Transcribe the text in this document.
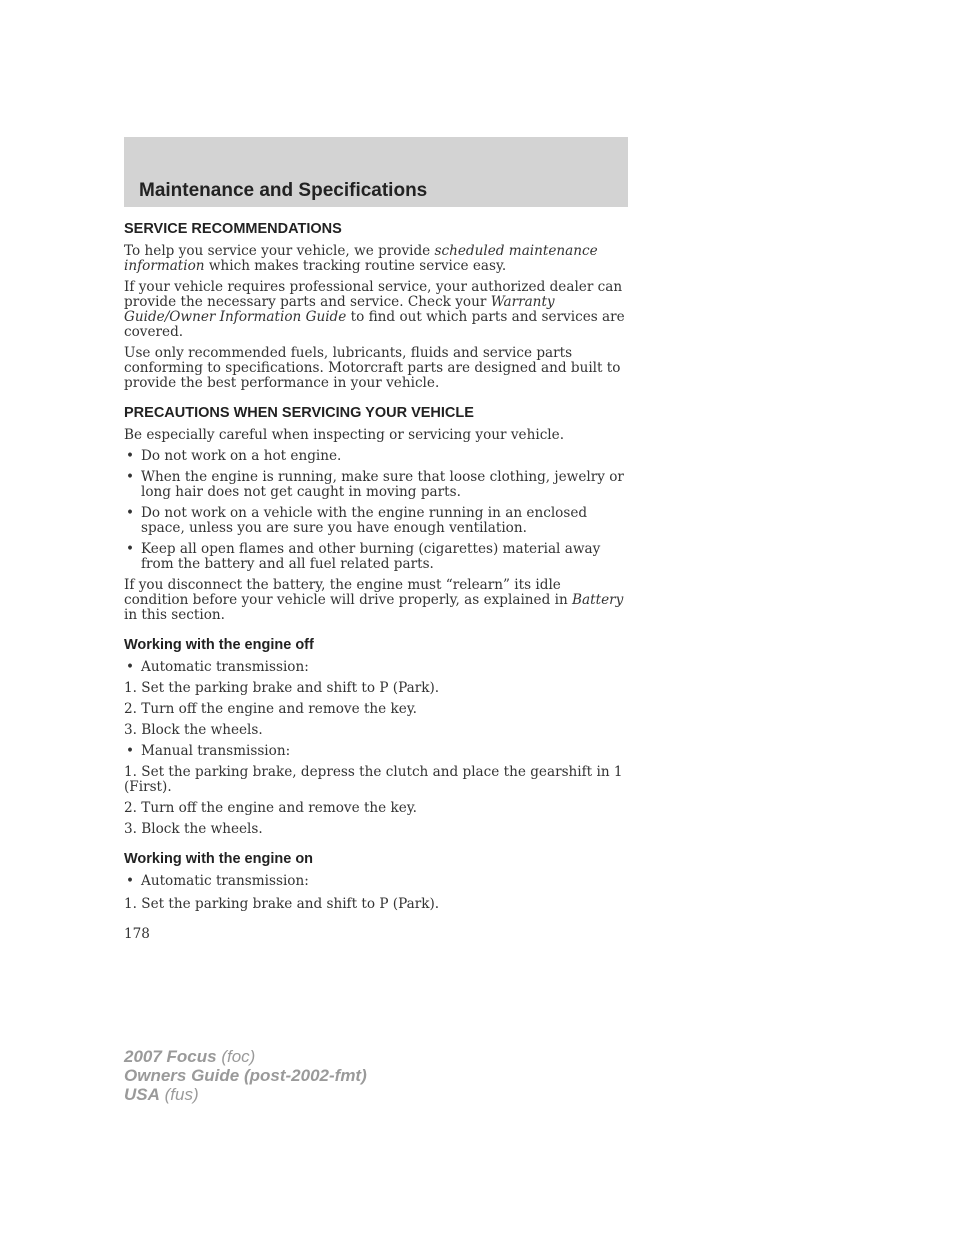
Maintenance and Specifications
SERVICE RECOMMENDATIONS

To help you service your vehicle, we provide scheduled maintenance information which makes tracking routine service easy.

If your vehicle requires professional service, your authorized dealer can provide the necessary parts and service. Check your Warranty Guide/Owner Information Guide to find out which parts and services are covered.

Use only recommended fuels, lubricants, fluids and service parts conforming to specifications. Motorcraft parts are designed and built to provide the best performance in your vehicle.

PRECAUTIONS WHEN SERVICING YOUR VEHICLE

Be especially careful when inspecting or servicing your vehicle.

• Do not work on a hot engine.
• When the engine is running, make sure that loose clothing, jewelry or long hair does not get caught in moving parts.
• Do not work on a vehicle with the engine running in an enclosed space, unless you are sure you have enough ventilation.
• Keep all open flames and other burning (cigarettes) material away from the battery and all fuel related parts.

If you disconnect the battery, the engine must “relearn” its idle condition before your vehicle will drive properly, as explained in Battery in this section.

Working with the engine off
• Automatic transmission:

1. Set the parking brake and shift to P (Park).

2. Turn off the engine and remove the key.

3. Block the wheels.

• Manual transmission:

1. Set the parking brake, depress the clutch and place the gearshift in 1 (First).

2. Turn off the engine and remove the key.

3. Block the wheels.

Working with the engine on
• Automatic transmission:

1. Set the parking brake and shift to P (Park).

178
2007 Focus (foc)
Owners Guide (post-2002-fmt)
USA (fus)
